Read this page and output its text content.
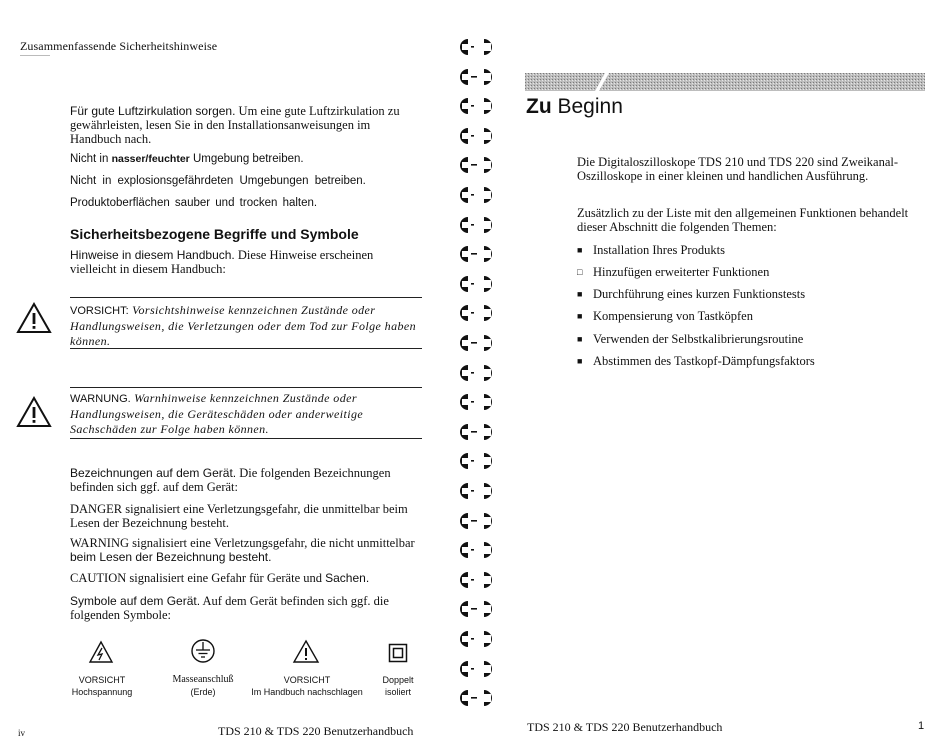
Zusammenfassende Sicherheitshinweise
Für gute Luftzirkulation sorgen. Um eine gute Luftzirkulation zu gewährleisten, lesen Sie in den Installationsanweisungen im Handbuch nach.
Nicht in nasser/feuchter Umgebung betreiben.
Nicht in explosionsgefährdeten Umgebungen betreiben.
Produktoberflächen sauber und trocken halten.
Sicherheitsbezogene Begriffe und Symbole
Hinweise in diesem Handbuch. Diese Hinweise erscheinen vielleicht in diesem Handbuch:
VORSICHT: Vorsichtshinweise kennzeichnen Zustände oder Handlungsweisen, die Verletzungen oder dem Tod zur Folge haben können.
WARNUNG. Warnhinweise kennzeichnen Zustände oder Handlungsweisen, die Geräteschäden oder anderweitige Sachschäden zur Folge haben können.
Bezeichnungen auf dem Gerät. Die folgenden Bezeichnungen befinden sich ggf. auf dem Gerät:
DANGER signalisiert eine Verletzungsgefahr, die unmittelbar beim Lesen der Bezeichnung besteht.
WARNING signalisiert eine Verletzungsgefahr, die nicht unmittelbar beim Lesen der Bezeichnung besteht.
CAUTION signalisiert eine Gefahr für Geräte und Sachen.
Symbole auf dem Gerät. Auf dem Gerät befinden sich ggf. die folgenden Symbole:
VORSICHT
Hochspannung
Masseanschluß
(Erde)
VORSICHT
Im Handbuch nachschlagen
Doppelt
isoliert
iv	TDS 210 & TDS 220 Benutzerhandbuch
Zu Beginn
Die Digitaloszilloskope TDS 210 und TDS 220 sind Zweikanal-Oszilloskope in einer kleinen und handlichen Ausführung.
Zusätzlich zu der Liste mit den allgemeinen Funktionen behandelt dieser Abschnitt die folgenden Themen:
■ Installation Ihres Produkts
□ Hinzufügen erweiterter Funktionen
■ Durchführung eines kurzen Funktionstests
■ Kompensierung von Tastköpfen
■ Verwenden der Selbstkalibrierungsroutine
■ Abstimmen des Tastkopf-Dämpfungsfaktors
TDS 210 & TDS 220 Benutzerhandbuch	1
